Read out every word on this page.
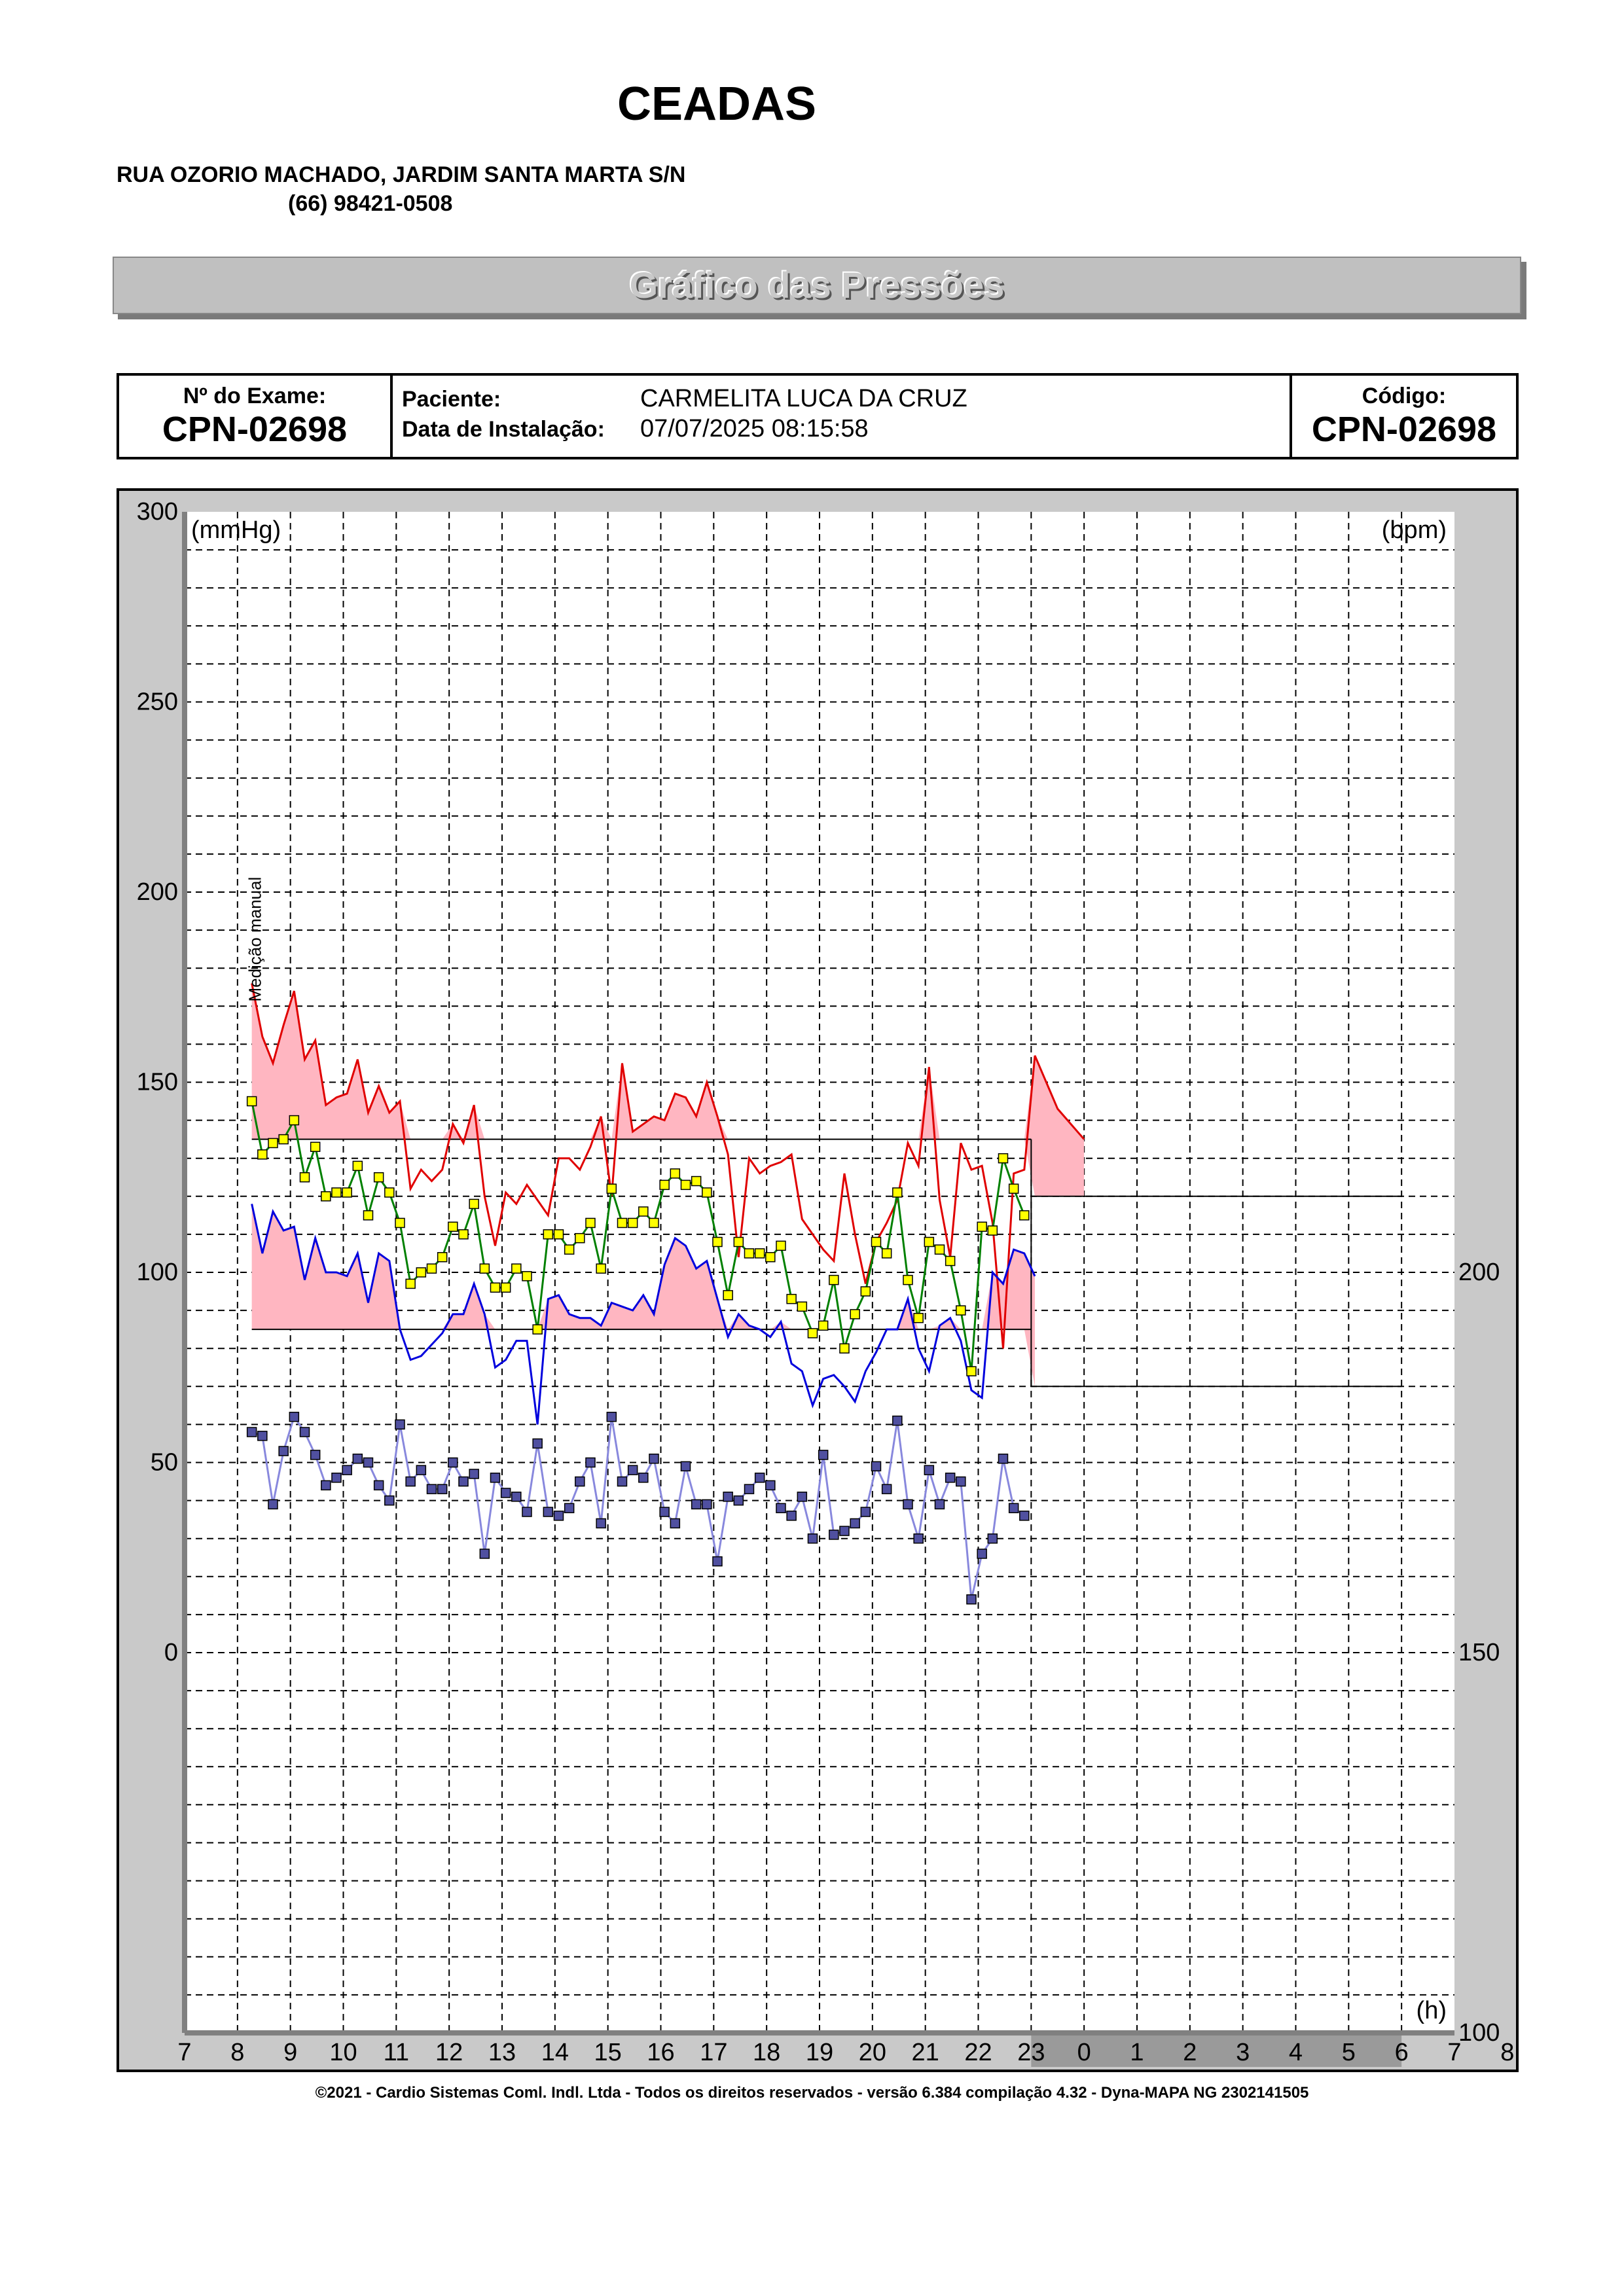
CEADAS
RUA OZORIO MACHADO, JARDIM SANTA MARTA S/N
(66) 98421-0508
Gráfico das Pressões
Nº do Exame:
CPN-02698
Paciente:	CARMELITA LUCA DA CRUZ
Data de Instalação: 07/07/2025 08:15:58
Código:
CPN-02698
300
250
200
150
100
50
0
200
150
100
7 8 9 10 11 12 13 14 15 16 17 18 19 20 21 22 23 0 1 2 3 4 5 6 7 8
(mmHg)	(bpm)
(h)
Medição manual
©2021 - Cardio Sistemas Coml. Indl. Ltda - Todos os direitos reservados - versão 6.384 compilação 4.32 - Dyna-MAPA NG 2302141505
